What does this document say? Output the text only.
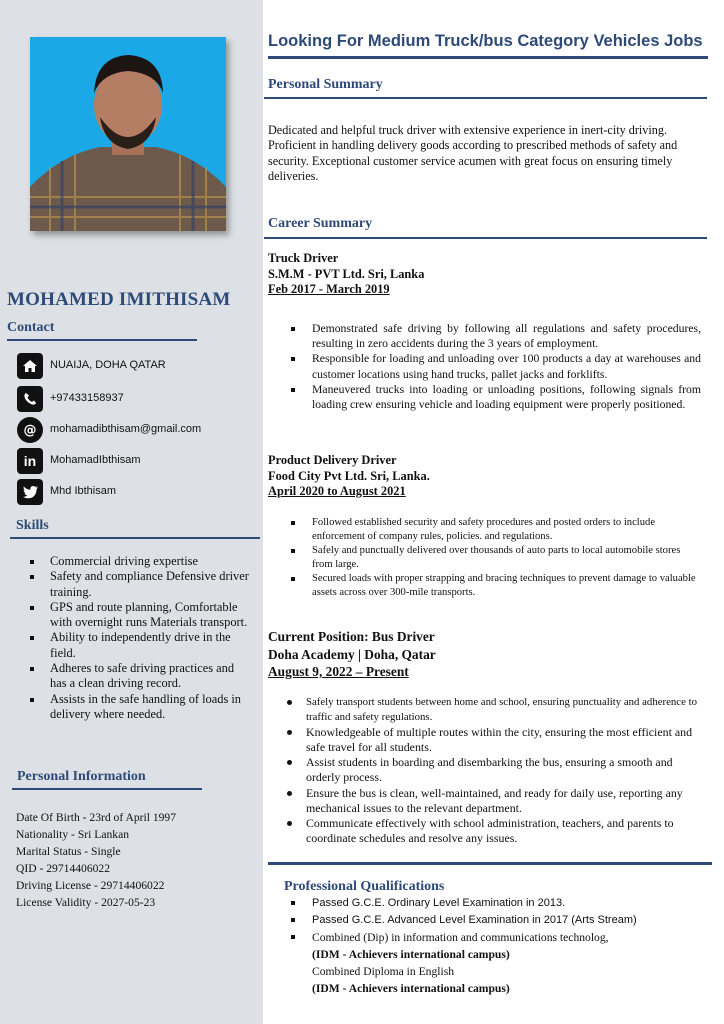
MOHAMED IMITHISAM
Contact
NUAIJA, DOHA QATAR
+97433158937
@	mohamadibthisam@gmail.com
in	MohamadIbthisam
Mhd Ibthisam
Skills
Commercial driving expertise
Safety and compliance Defensive driver training.
GPS and route planning, Comfortable with overnight runs Materials transport.
Ability to independently drive in the field.
Adheres to safe driving practices and has a clean driving record.
Assists in the safe handling of loads in delivery where needed.
Personal Information
Date Of Birth - 23rd of April 1997
Nationality - Sri Lankan
Marital Status - Single
QID - 29714406022
Driving License - 29714406022
License Validity - 2027-05-23
Looking For Medium Truck/bus Category Vehicles Jobs
Personal Summary
Dedicated and helpful truck driver with extensive experience in inert-city driving. Proficient in handling delivery goods according to prescribed methods of safety and security. Exceptional customer service acumen with great focus on ensuring timely deliveries.
Career Summary
Truck Driver
S.M.M - PVT Ltd. Sri, Lanka
Feb 2017 - March 2019
Demonstrated safe driving by following all regulations and safety procedures, resulting in zero accidents during the 3 years of employment.
Responsible for loading and unloading over 100 products a day at warehouses and customer locations using hand trucks, pallet jacks and forklifts.
Maneuvered trucks into loading or unloading positions, following signals from loading crew ensuring vehicle and loading equipment were properly positioned.
Product Delivery Driver
Food City Pvt Ltd. Sri, Lanka.
April 2020 to August 2021
Followed established security and safety procedures and posted orders to include enforcement of company rules, policies. and regulations.
Safely and punctually delivered over thousands of auto parts to local automobile stores from large.
Secured loads with proper strapping and bracing techniques to prevent damage to valuable assets across over 300-mile transports.
Current Position: Bus Driver
Doha Academy | Doha, Qatar
August 9, 2022 – Present
Safely transport students between home and school, ensuring punctuality and adherence to traffic and safety regulations.
Knowledgeable of multiple routes within the city, ensuring the most efficient and safe travel for all students.
Assist students in boarding and disembarking the bus, ensuring a smooth and orderly process.
Ensure the bus is clean, well-maintained, and ready for daily use, reporting any mechanical issues to the relevant department.
Communicate effectively with school administration, teachers, and parents to coordinate schedules and resolve any issues.
Professional Qualifications
Passed G.C.E. Ordinary Level Examination in 2013.
Passed G.C.E. Advanced Level Examination in 2017 (Arts Stream)
Combined (Dip) in information and communications technolog,
(IDM - Achievers international campus)
Combined Diploma in English
(IDM - Achievers international campus)
